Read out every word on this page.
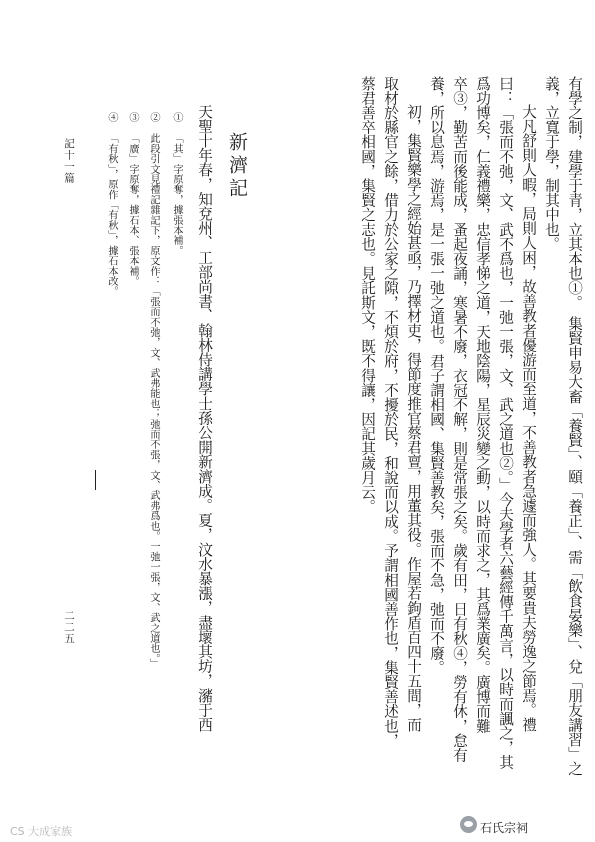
有學之制，建學于青，立其本也①。集賢申易大畜「養賢」、頤「養正」、需「飲食晏樂」、兌「朋友講習」之
義，立寬于學，制其中也。
大凡舒則人暇，局則人困，故善教者優游而至道，不善教者急遽而強人。其要貴夫勞逸之節焉。禮
曰：「張而不弛，文、武不爲也，一弛一張，文、武之道也②。」今夫學者六藝經傳千萬言，以時而諷之，其
爲功博矣，仁義禮樂，忠信孝悌之道，天地陰陽，星辰災變之動，以時而求之，其爲業廣矣。廣博而難
卒③，勤苦而後能成，蚤起夜誦，寒暑不廢，衣冠不解，則是常張之矣。歲有田，日有秋④，勞有休，怠有
養，所以息焉，游焉，是一張一弛之道也。君子謂相國、集賢善教矣，張而不急，弛而不廢。
初，集賢樂學之經始甚亟，乃擇材吏，得節度推官蔡君亶，用董其役。作屋若鉤盾百四十五間，而
取材於縣官之餘，借力於公家之隙，不煩於府，不擾於民，和說而以成。予謂相國善作也，集賢善述也，
蔡君善卒相國，集賢之志也。見託斯文，既不得讓，因記其歲月云。
新濟記
天聖十年春，知兗州、工部尚書、翰林侍講學士孫公開新濟成。夏，汶水暴漲，盡壞其坊，瀦于西
① 「其」字原奪，據張本補。
② 此段引文見禮記雜記下，原文作：「張而不弛，文、武弗能也；弛而不張，文、武弗爲也。一弛一張，文、武之道也。」
③ 「廣」字原奪，據石本、張本補。
④ 「有秋」，原作「有秋」，據石本改。
記十一篇
二二五
CS 大成家族	石氏宗祠
